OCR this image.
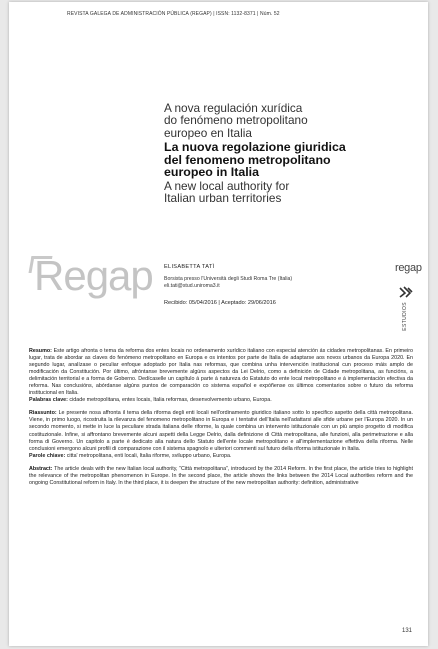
REVISTA GALEGA DE ADMINISTRACIÓN PÚBLICA (REGAP) | ISSN: 1132-8371 | Núm. 52
A nova regulación xurídica
do fenómeno metropolitano
europeo en Italia
La nuova regolazione giuridica
del fenomeno metropolitano
europeo in Italia
A new local authority for
Italian urban territories
Regap ELISABETTA TATÌ
Borsista presso l'Università degli Studi Roma Tre (Italia)
eli.tati@stud.uniroma3.it
Recibido: 05/04/2016 | Aceptado: 29/06/2016
regap
ESTUDIOS

Resumo: Este artigo afronta o tema da reforma dos entes locais no ordenamento xurídico italiano con especial atención ás cidades metropolitanas. En primeiro lugar, trata de abordar as claves do fenómeno metropolitano en Europa e os intentos por parte de Italia de adaptarse aos novos urbanos da Europa 2020. En segundo lugar, analízase o peculiar enfoque adoptado por Italia nas reformas, que combina unha intervención institucional cun proceso máis amplo de modificación da Constitución. Por último, afróntanse brevemente algúns aspectos da Lei Delrio, como a definición de Cidade metropolitana, as funcións, a delimitación territorial e a forma de Goberno. Dedícaselle un capítulo á parte á natureza do Estatuto do ente local metropolitano e á implementación efectiva da reforma. Nas conclusións, abórdanse algúns puntos de comparación co sistema español e expóñense os últimos comentarios sobre o futuro da reforma institucional en Italia.

Palabras clave: cidade metropolitana, entes locais, Italia reformas, desenvolvemento urbano, Europa.

Riassunto: Le presente nosa affronta il tema della riforma degli enti locali nell'ordinamento giuridico italiano sotto lo specifico aspetto della città metropolitana. Viene, in primo luogo, ricostruita la rilevanza del fenomeno metropolitano in Europa e i tentativi dell'Italia nell'adattarsi alle sfide urbane per l'Europa 2020. In un secondo momento, si mette in luce la peculiare strada italiana delle riforme, la quale combina un intervento istituzionale con un più ampio progetto di modifica costituzionale. Infine, si affrontano brevemente alcuni aspetti della Legge Delrio, dalla definizione di Città metropolitana, alle funzioni, alla perimetrazione e alla forma di Governo. Un capitolo a parte è dedicato alla natura dello Statuto dell'ente locale metropolitano e all'implementazione effettiva della riforma. Nelle conclusioni emergono alcuni profili di comparazione con il sistema spagnolo e ulteriori commenti sul futuro della riforma istituzionale in Italia.

Parole chiave: citta' metropolitana, enti locali, Italia riforme, sviluppo urbano, Europa.

Abstract: The article deals with the new Italian local authority, “Città metropolitana”, introduced by the 2014 Reform. In the first place, the article tries to highlight the relevance of the metropolitan phenomenon in Europe. In the second place, the article shows the links between the 2014 Local authorities reform and the ongoing Constitutional reform in Italy. In the third place, it is deepen the structure of the new metropolitan authority: definition, administrative

131
